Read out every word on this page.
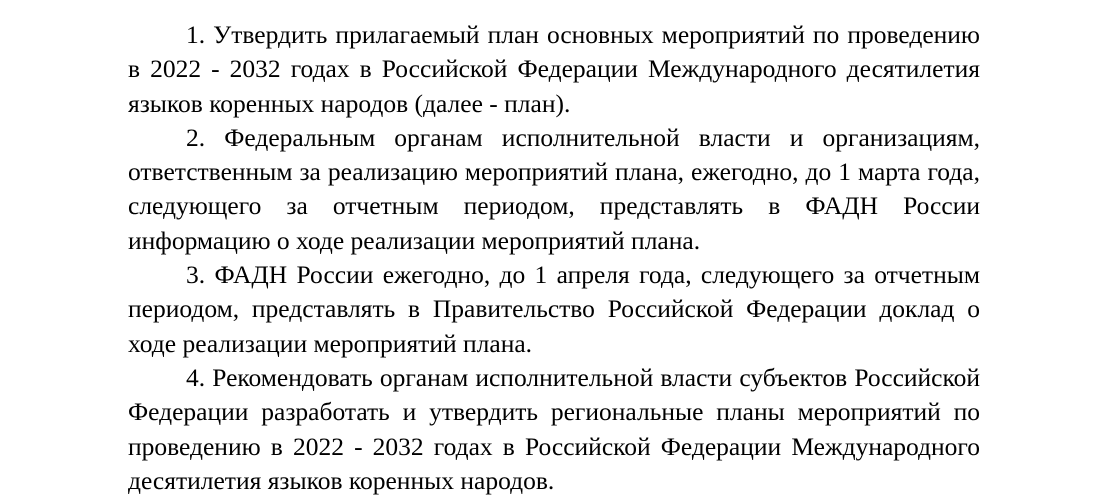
1. Утвердить прилагаемый план основных мероприятий по проведению в 2022 - 2032 годах в Российской Федерации Международного десятилетия языков коренных народов (далее - план).

2. Федеральным органам исполнительной власти и организациям, ответственным за реализацию мероприятий плана, ежегодно, до 1 марта года, следующего за отчетным периодом, представлять в ФАДН России информацию о ходе реализации мероприятий плана.

3. ФАДН России ежегодно, до 1 апреля года, следующего за отчетным периодом, представлять в Правительство Российской Федерации доклад о ходе реализации мероприятий плана.

4. Рекомендовать органам исполнительной власти субъектов Российской Федерации разработать и утвердить региональные планы мероприятий по проведению в 2022 - 2032 годах в Российской Федерации Международного десятилетия языков коренных народов.
